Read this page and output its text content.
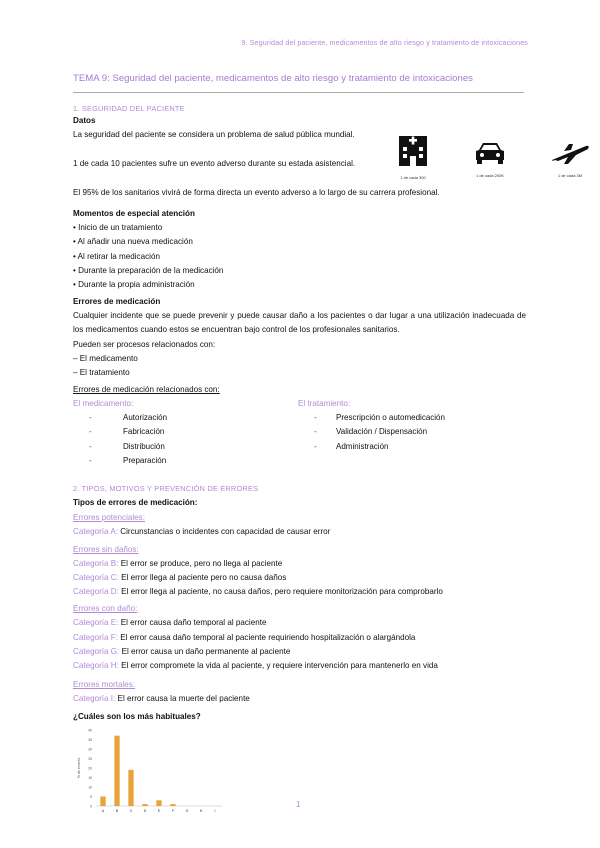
9. Seguridad del paciente, medicamentos de alto riesgo y tratamiento de intoxicaciones
TEMA 9: Seguridad del paciente, medicamentos de alto riesgo y tratamiento de intoxicaciones
1. SEGURIDAD DEL PACIENTE
Datos
La seguridad del paciente se considera un problema de salud pública mundial.
1 de cada 10 pacientes sufre un evento adverso durante su estada asistencial.
El 95% de los sanitarios vivirá de forma directa un evento adverso a lo largo de su carrera profesional.
1 de cada 300	1 de cada 200K	1 de cada 3M
Momentos de especial atención
• Inicio de un tratamiento
• Al añadir una nueva medicación
• Al retirar la medicación
• Durante la preparación de la medicación
• Durante la propia administración
Errores de medicación
Cualquier incidente que se puede prevenir y puede causar daño a los pacientes o dar lugar a una utilización inadecuada de los medicamentos cuando estos se encuentran bajo control de los profesionales sanitarios.
Pueden ser procesos relacionados con:
– El medicamento
– El tratamiento
Errores de medicación relacionados con:
El medicamento:
-	Autorización
-	Fabricación
-	Distribución
-	Preparación
El tratamiento:
- Prescripción o automedicación
- Validación / Dispensación
- Administración
2. TIPOS, MOTIVOS Y PREVENCIÓN DE ERRORES
Tipos de errores de medicación:
Errores potenciales:
Categoría A: Circunstancias o incidentes con capacidad de causar error
Errores sin daños:
Categoría B: El error se produce, pero no llega al paciente
Categoría C: El error llega al paciente pero no causa daños
Categoría D: El error llega al paciente, no causa daños, pero requiere monitorización para comprobarlo
Errores con daño:
Categoría E: El error causa daño temporal al paciente
Categoría F: El error causa daño temporal al paciente requiriendo hospitalización o alargándola
Categoría G: El error causa un daño permanente al paciente
Categoría H: El error compromete la vida al paciente, y requiere intervención para mantenerlo en vida
Errores mortales:
Categoría I: El error causa la muerte del paciente
¿Cuáles son los más habituales?
0
5
10
15
20
25
30
35
40
% de errores
A	B	C	D	E	F	G	H	I
1
